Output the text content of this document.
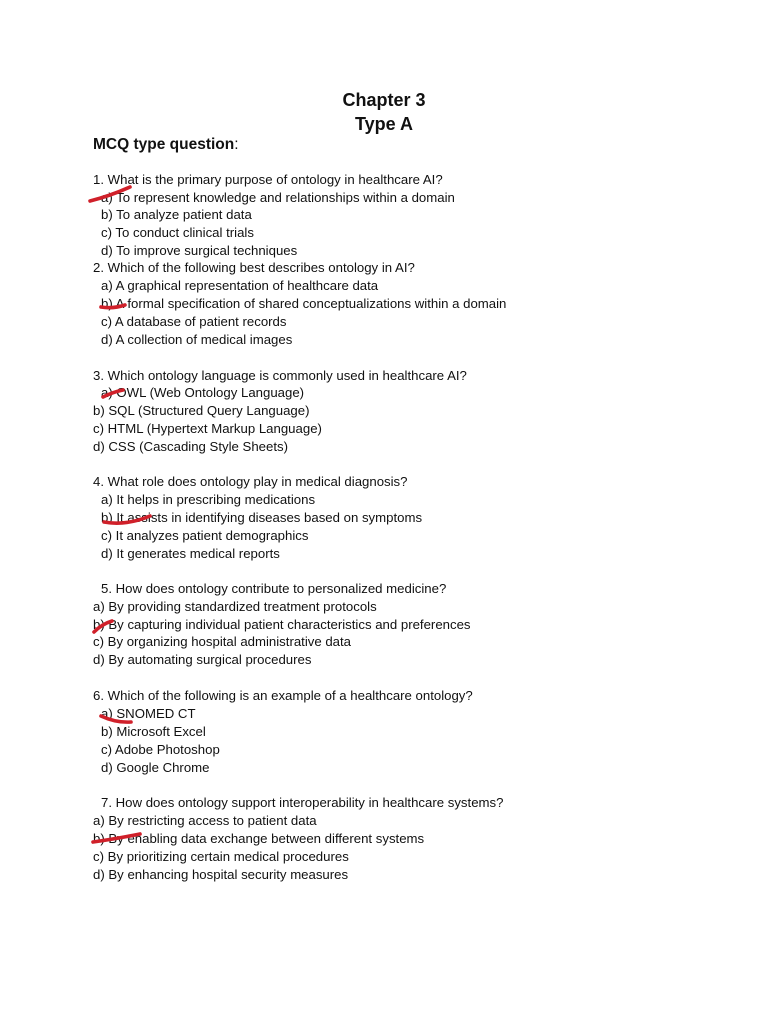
Chapter 3
Type A
MCQ type question:
1. What is the primary purpose of ontology in healthcare AI?
a) To represent knowledge and relationships within a domain
b) To analyze patient data
c) To conduct clinical trials
d) To improve surgical techniques
2. Which of the following best describes ontology in AI?
a) A graphical representation of healthcare data
b) A formal specification of shared conceptualizations within a domain
c) A database of patient records
d) A collection of medical images
3. Which ontology language is commonly used in healthcare AI?
a) OWL (Web Ontology Language)
b) SQL (Structured Query Language)
c) HTML (Hypertext Markup Language)
d) CSS (Cascading Style Sheets)
4. What role does ontology play in medical diagnosis?
a) It helps in prescribing medications
b) It assists in identifying diseases based on symptoms
c) It analyzes patient demographics
d) It generates medical reports
5. How does ontology contribute to personalized medicine?
a) By providing standardized treatment protocols
b) By capturing individual patient characteristics and preferences
c) By organizing hospital administrative data
d) By automating surgical procedures
6. Which of the following is an example of a healthcare ontology?
a) SNOMED CT
b) Microsoft Excel
c) Adobe Photoshop
d) Google Chrome
7. How does ontology support interoperability in healthcare systems?
a) By restricting access to patient data
b) By enabling data exchange between different systems
c) By prioritizing certain medical procedures
d) By enhancing hospital security measures
